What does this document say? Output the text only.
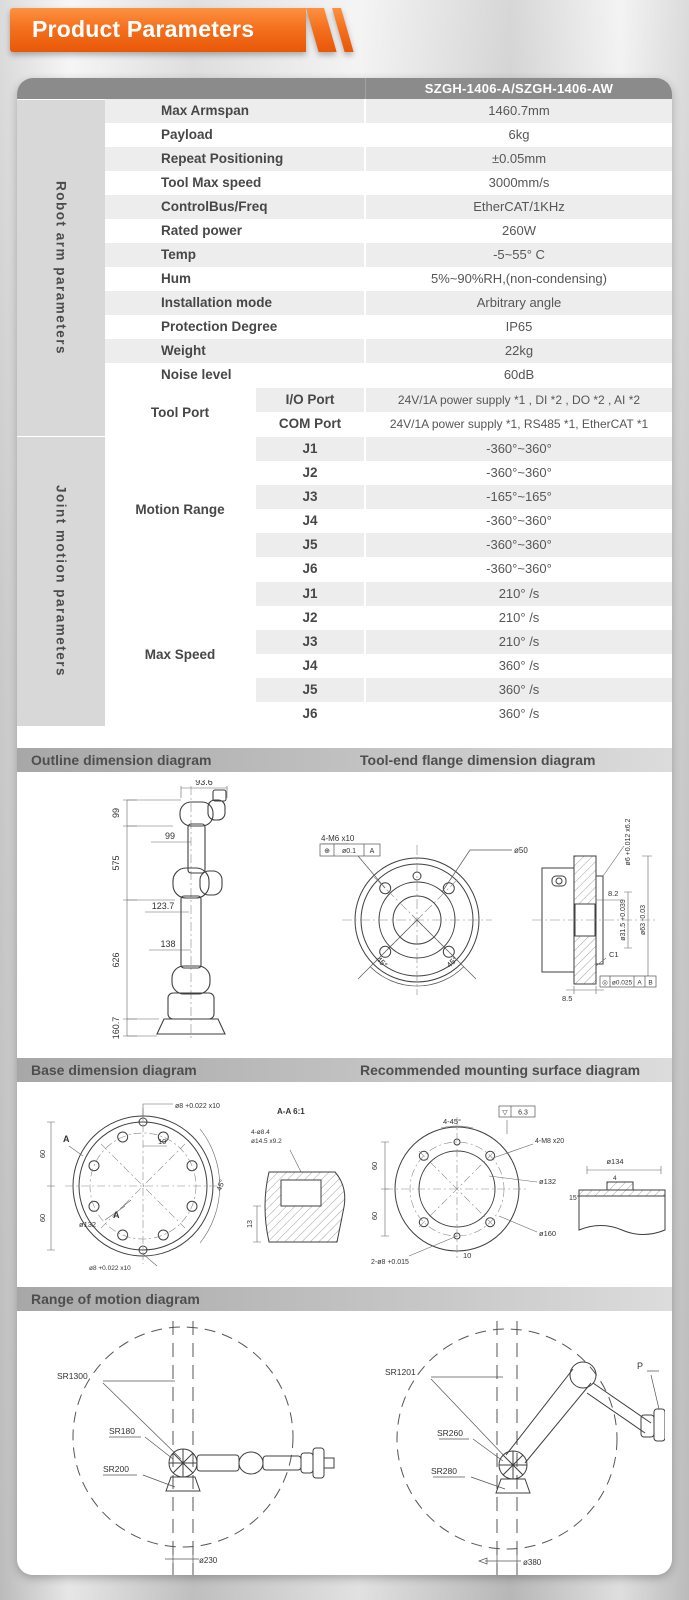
Product Parameters
SZGH-1406-A/SZGH-1406-AW
Robot arm parameters
Max Armspan	1460.7mm
Payload	6kg
Repeat Positioning	±0.05mm
Tool Max speed	3000mm/s
ControlBus/Freq	EtherCAT/1KHz
Rated power	260W
Temp	-5~55° C
Hum	5%~90%RH,(non-condensing)
Installation mode	Arbitrary angle
Protection Degree	IP65
Weight	22kg
Noise level	60dB
Tool Port
I/O Port	24V/1A power supply *1 , DI *2 , DO *2 , AI *2
COM Port	24V/1A power supply *1, RS485 *1, EtherCAT *1
Joint motion parameters	Motion Range
J1	-360°~360°
J2	-360°~360°
J3	-165°~165°
J4	-360°~360°
J5	-360°~360°
J6	-360°~360°
Max Speed
J1	210° /s
J2	210° /s
J3	210° /s
J4	360° /s
J5	360° /s
J6	360° /s
Outline dimension diagram	Tool-end flange dimension diagram
93.6
99
99
575
123.7
626
138
160.7
4-M6 x10
⊕ ø0.1 A	ø50
45°	45°
ø6 +0.012 x6.2
8.2
ø31.5 +0.039 ø63 -0.03
C1
◎ ø0.025 A B
8.5
Base dimension diagram	Recommended mounting surface diagram
ø8 +0.022 x10
10
ø132
45°
60
60
A
A
A-A 6:1
4-ø8.4
ø14.5 x9.2
13
ø8 +0.022 x10
4-45°
▽ 6.3
4-M8 x20
ø132
ø160
2-ø8 +0.015
60
60
10
ø134
15°
4
Range of motion diagram
SR1300
SR180
SR200
ø230
SR1201
SR260
SR280
P
ø380
